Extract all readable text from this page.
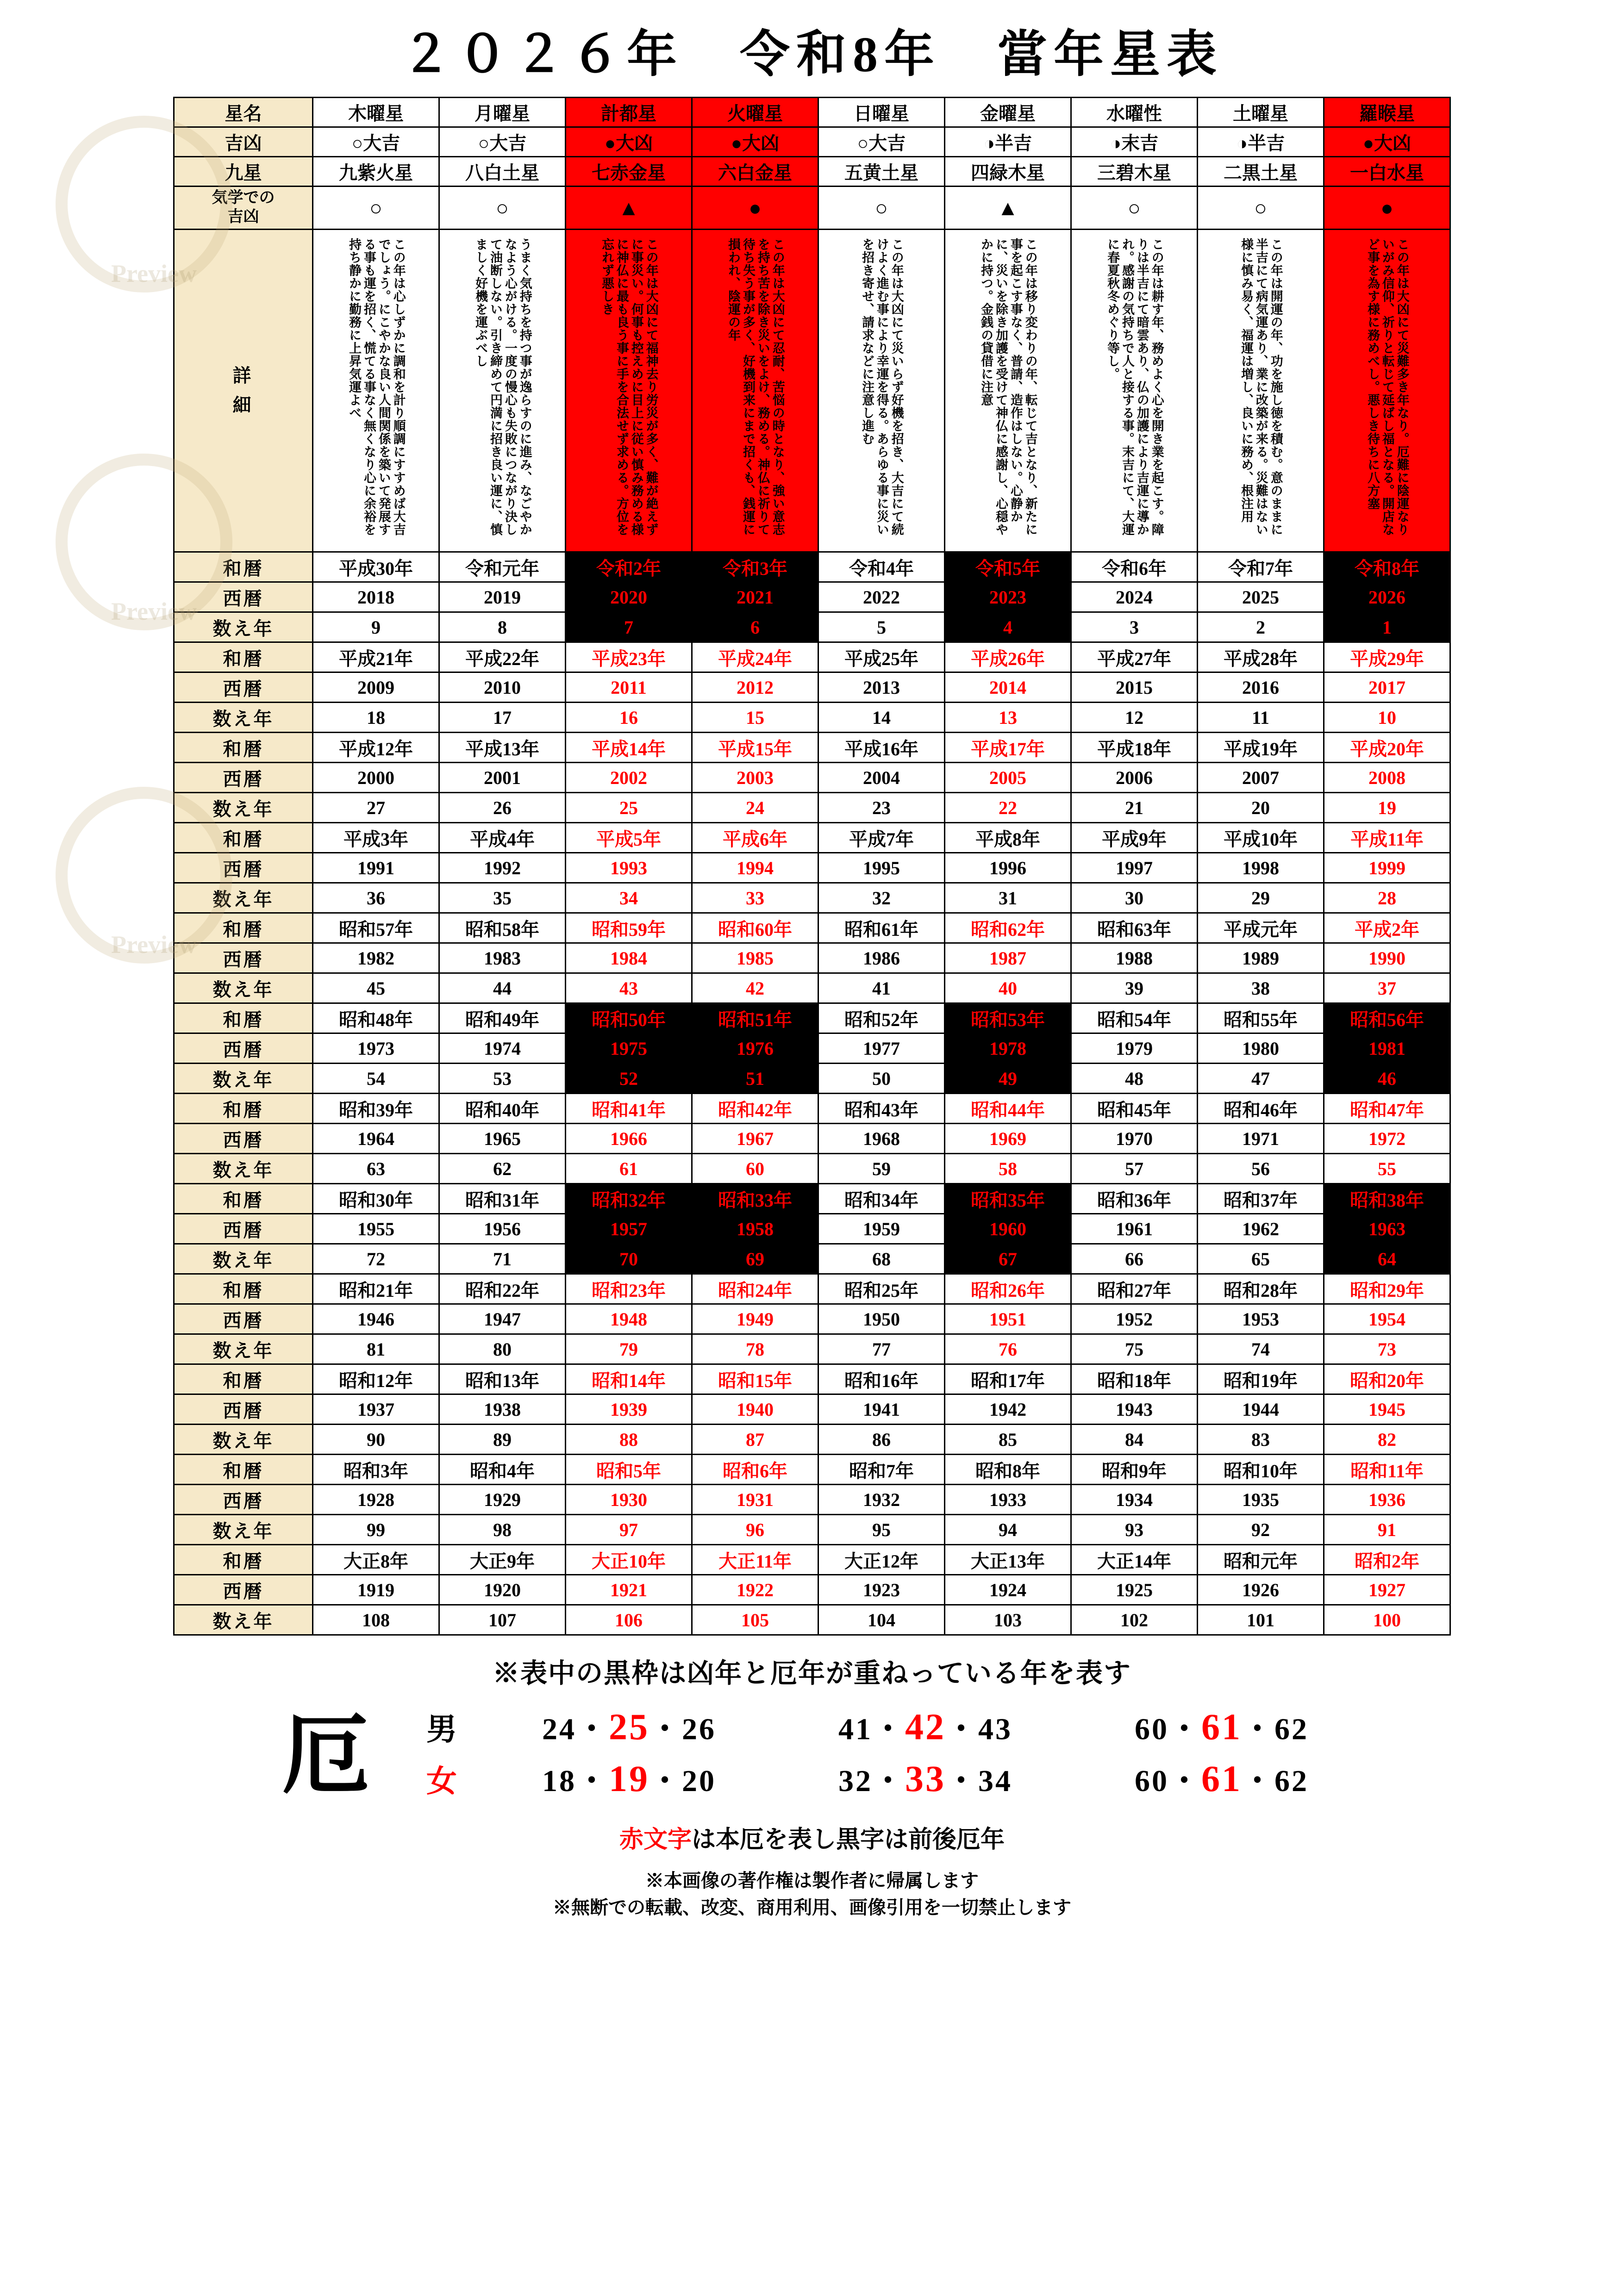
Preview
Preview
Preview
２０２６年　令和8年　當年星表
星名	木曜星	月曜星	計都星	火曜星	日曜星	金曜星	水曜性	土曜星	羅睺星
吉凶	○大吉	○大吉	●大凶	●大凶	○大吉	◑半吉	◑末吉	◑半吉	●大凶
九星	九紫火星	八白土星	七赤金星	六白金星	五黄土星	四緑木星	三碧木星	二黒土星	一白水星
気学での
吉凶	○	○	▲	●	○	▲	○	○	●

詳
細	この年は心しずかに調和を計り順調にすすめば大吉でしょう。にこやかな良い人間関係を築いて発展する事も運を招く、慌てる事なく無くなり心に余裕を持ち静かに勤務に上昇気運よべ	うまく気持ちを持つ事が逸らすのに進み、なごやかなよう心がける。一度の慢心も失敗につながり決して油断しない。引き締めて円満に招き良い運に、慎ましく好機を運ぶべし	この年は大凶にて福神去り労災が多く、難が絶えずに事災い。何事も控えめに目上に従い慎み務める様に神仏に最も良う事に手を合法せず求める。方位を忘れず悪しき	この年は大凶にて忍耐、苦悩の時となり、強い意志を持ち苦を除き災いをよけ、務める。神仏に祈りて待ち失う事が多く、好機到来にまで招くも、銭運に損われ、陰運の年	この年は大凶にて災いらず好機を招き、大吉にて続けよく進む事により幸運を得る。あらゆる事に災いを招き寄せ、請求などに注意し進む	この年は移り変わりの年、転じて吉となり、新たに事を起こす事なく、普請、造作はしない。心静かに、災いを除き加護を受けて神仏に感謝し、心穏やかに持つ。金銭の貸借に注意	この年は耕す年、務めよく心を開き業を起こす。障りは半吉にて暗雲あり、仏の加護により吉運に導かれ。感謝の気持ちで人と接する事。末吉にて、大運に春夏秋冬めぐり等し。	この年は開運の年、功を施し徳を積む。意のままに半吉にて病気運あり、業に改築が来る。災難はない様に慎み易く、福運は増し、良いに務め、根注用	この年は大凶にて災難多き年なり。厄難に陰運なりいがみ信仰、祈りと転じて延ばし福となる。開店など事を為す様に務めべし。悪しき待ちに八方塞

和暦	平成30年	令和元年	令和2年	令和3年	令和4年	令和5年	令和6年	令和7年	令和8年
西暦	2018	2019	2020	2021	2022	2023	2024	2025	2026
数え年	9	8	7	6	5	4	3	2	1
和暦	平成21年	平成22年	平成23年	平成24年	平成25年	平成26年	平成27年	平成28年	平成29年
西暦	2009	2010	2011	2012	2013	2014	2015	2016	2017
数え年	18	17	16	15	14	13	12	11	10
和暦	平成12年	平成13年	平成14年	平成15年	平成16年	平成17年	平成18年	平成19年	平成20年
西暦	2000	2001	2002	2003	2004	2005	2006	2007	2008
数え年	27	26	25	24	23	22	21	20	19
和暦	平成3年	平成4年	平成5年	平成6年	平成7年	平成8年	平成9年	平成10年	平成11年
西暦	1991	1992	1993	1994	1995	1996	1997	1998	1999
数え年	36	35	34	33	32	31	30	29	28
和暦	昭和57年	昭和58年	昭和59年	昭和60年	昭和61年	昭和62年	昭和63年	平成元年	平成2年
西暦	1982	1983	1984	1985	1986	1987	1988	1989	1990
数え年	45	44	43	42	41	40	39	38	37
和暦	昭和48年	昭和49年	昭和50年	昭和51年	昭和52年	昭和53年	昭和54年	昭和55年	昭和56年
西暦	1973	1974	1975	1976	1977	1978	1979	1980	1981
数え年	54	53	52	51	50	49	48	47	46
和暦	昭和39年	昭和40年	昭和41年	昭和42年	昭和43年	昭和44年	昭和45年	昭和46年	昭和47年
西暦	1964	1965	1966	1967	1968	1969	1970	1971	1972
数え年	63	62	61	60	59	58	57	56	55
和暦	昭和30年	昭和31年	昭和32年	昭和33年	昭和34年	昭和35年	昭和36年	昭和37年	昭和38年
西暦	1955	1956	1957	1958	1959	1960	1961	1962	1963
数え年	72	71	70	69	68	67	66	65	64
和暦	昭和21年	昭和22年	昭和23年	昭和24年	昭和25年	昭和26年	昭和27年	昭和28年	昭和29年
西暦	1946	1947	1948	1949	1950	1951	1952	1953	1954
数え年	81	80	79	78	77	76	75	74	73
和暦	昭和12年	昭和13年	昭和14年	昭和15年	昭和16年	昭和17年	昭和18年	昭和19年	昭和20年
西暦	1937	1938	1939	1940	1941	1942	1943	1944	1945
数え年	90	89	88	87	86	85	84	83	82
和暦	昭和3年	昭和4年	昭和5年	昭和6年	昭和7年	昭和8年	昭和9年	昭和10年	昭和11年
西暦	1928	1929	1930	1931	1932	1933	1934	1935	1936
数え年	99	98	97	96	95	94	93	92	91
和暦	大正8年	大正9年	大正10年	大正11年	大正12年	大正13年	大正14年	昭和元年	昭和2年
西暦	1919	1920	1921	1922	1923	1924	1925	1926	1927
数え年	108	107	106	105	104	103	102	101	100
※表中の黒枠は凶年と厄年が重ねっている年を表す
厄	男	24・25・26	41・42・43	60・61・62
女	18・19・20	32・33・34	60・61・62
赤文字は本厄を表し黒字は前後厄年
※本画像の著作権は製作者に帰属します
※無断での転載、改変、商用利用、画像引用を一切禁止します
